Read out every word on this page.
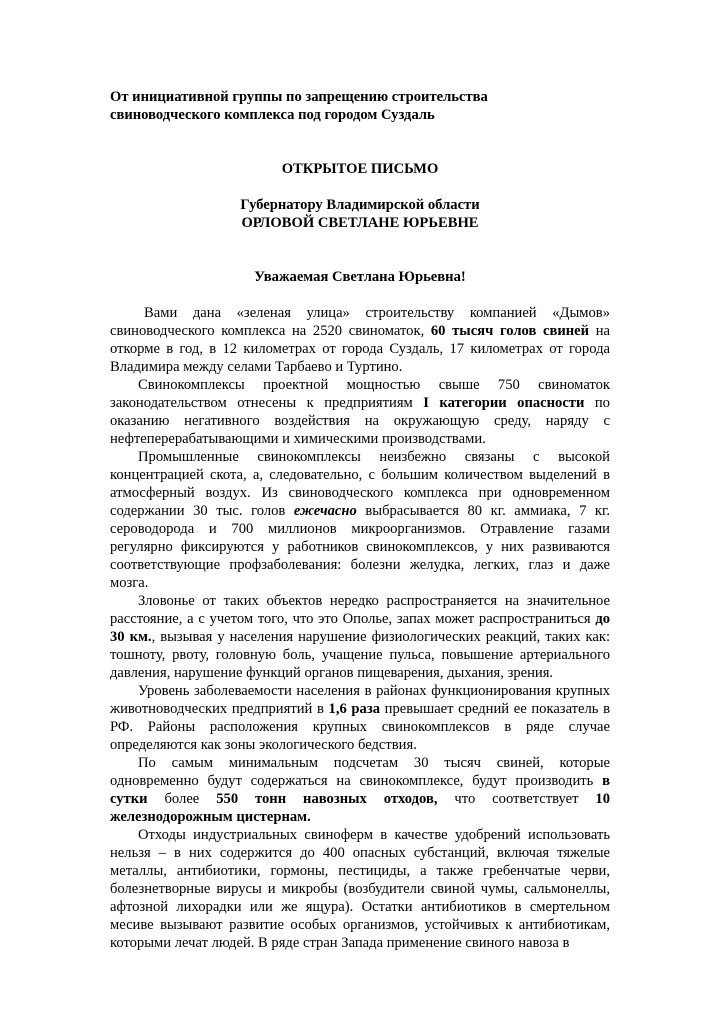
От инициативной группы по запрещению строительства
свиноводческого комплекса под городом Суздаль
ОТКРЫТОЕ ПИСЬМО
Губернатору Владимирской области
ОРЛОВОЙ СВЕТЛАНЕ ЮРЬЕВНЕ
Уважаемая Светлана Юрьевна!

Вами дана «зеленая улица» строительству компанией «Дымов» свиноводческого комплекса на 2520 свиноматок, 60 тысяч голов свиней на откорме в год, в 12 километрах от города Суздаль, 17 километрах от города Владимира между селами Тарбаево и Туртино.

Свинокомплексы проектной мощностью свыше 750 свиноматок законодательством отнесены к предприятиям I категории опасности по оказанию негативного воздействия на окружающую среду, наряду с нефтеперерабатывающими и химическими производствами.

Промышленные свинокомплексы неизбежно связаны с высокой концентрацией скота, а, следовательно, с большим количеством выделений в атмосферный воздух. Из свиноводческого комплекса при одновременном содержании 30 тыс. голов ежечасно выбрасывается 80 кг. аммиака, 7 кг. сероводорода и 700 миллионов микроорганизмов. Отравление газами регулярно фиксируются у работников свинокомплексов, у них развиваются соответствующие профзаболевания: болезни желудка, легких, глаз и даже мозга.

Зловонье от таких объектов нередко распространяется на значительное расстояние, а с учетом того, что это Ополье, запах может распространиться до 30 км., вызывая у населения нарушение физиологических реакций, таких как: тошноту, рвоту, головную боль, учащение пульса, повышение артериального давления, нарушение функций органов пищеварения, дыхания, зрения.

Уровень заболеваемости населения в районах функционирования крупных животноводческих предприятий в 1,6 раза превышает средний ее показатель в РФ. Районы расположения крупных свинокомплексов в ряде случае определяются как зоны экологического бедствия.

По самым минимальным подсчетам 30 тысяч свиней, которые одновременно будут содержаться на свинокомплексе, будут производить в сутки более 550 тонн навозных отходов, что соответствует 10 железнодорожным цистернам.

Отходы индустриальных свиноферм в качестве удобрений использовать нельзя – в них содержится до 400 опасных субстанций, включая тяжелые металлы, антибиотики, гормоны, пестициды, а также гребенчатые черви, болезнетворные вирусы и микробы (возбудители свиной чумы, сальмонеллы, афтозной лихорадки или же ящура). Остатки антибиотиков в смертельном месиве вызывают развитие особых организмов, устойчивых к антибиотикам, которыми лечат людей. В ряде стран Запада применение свиного навоза в
